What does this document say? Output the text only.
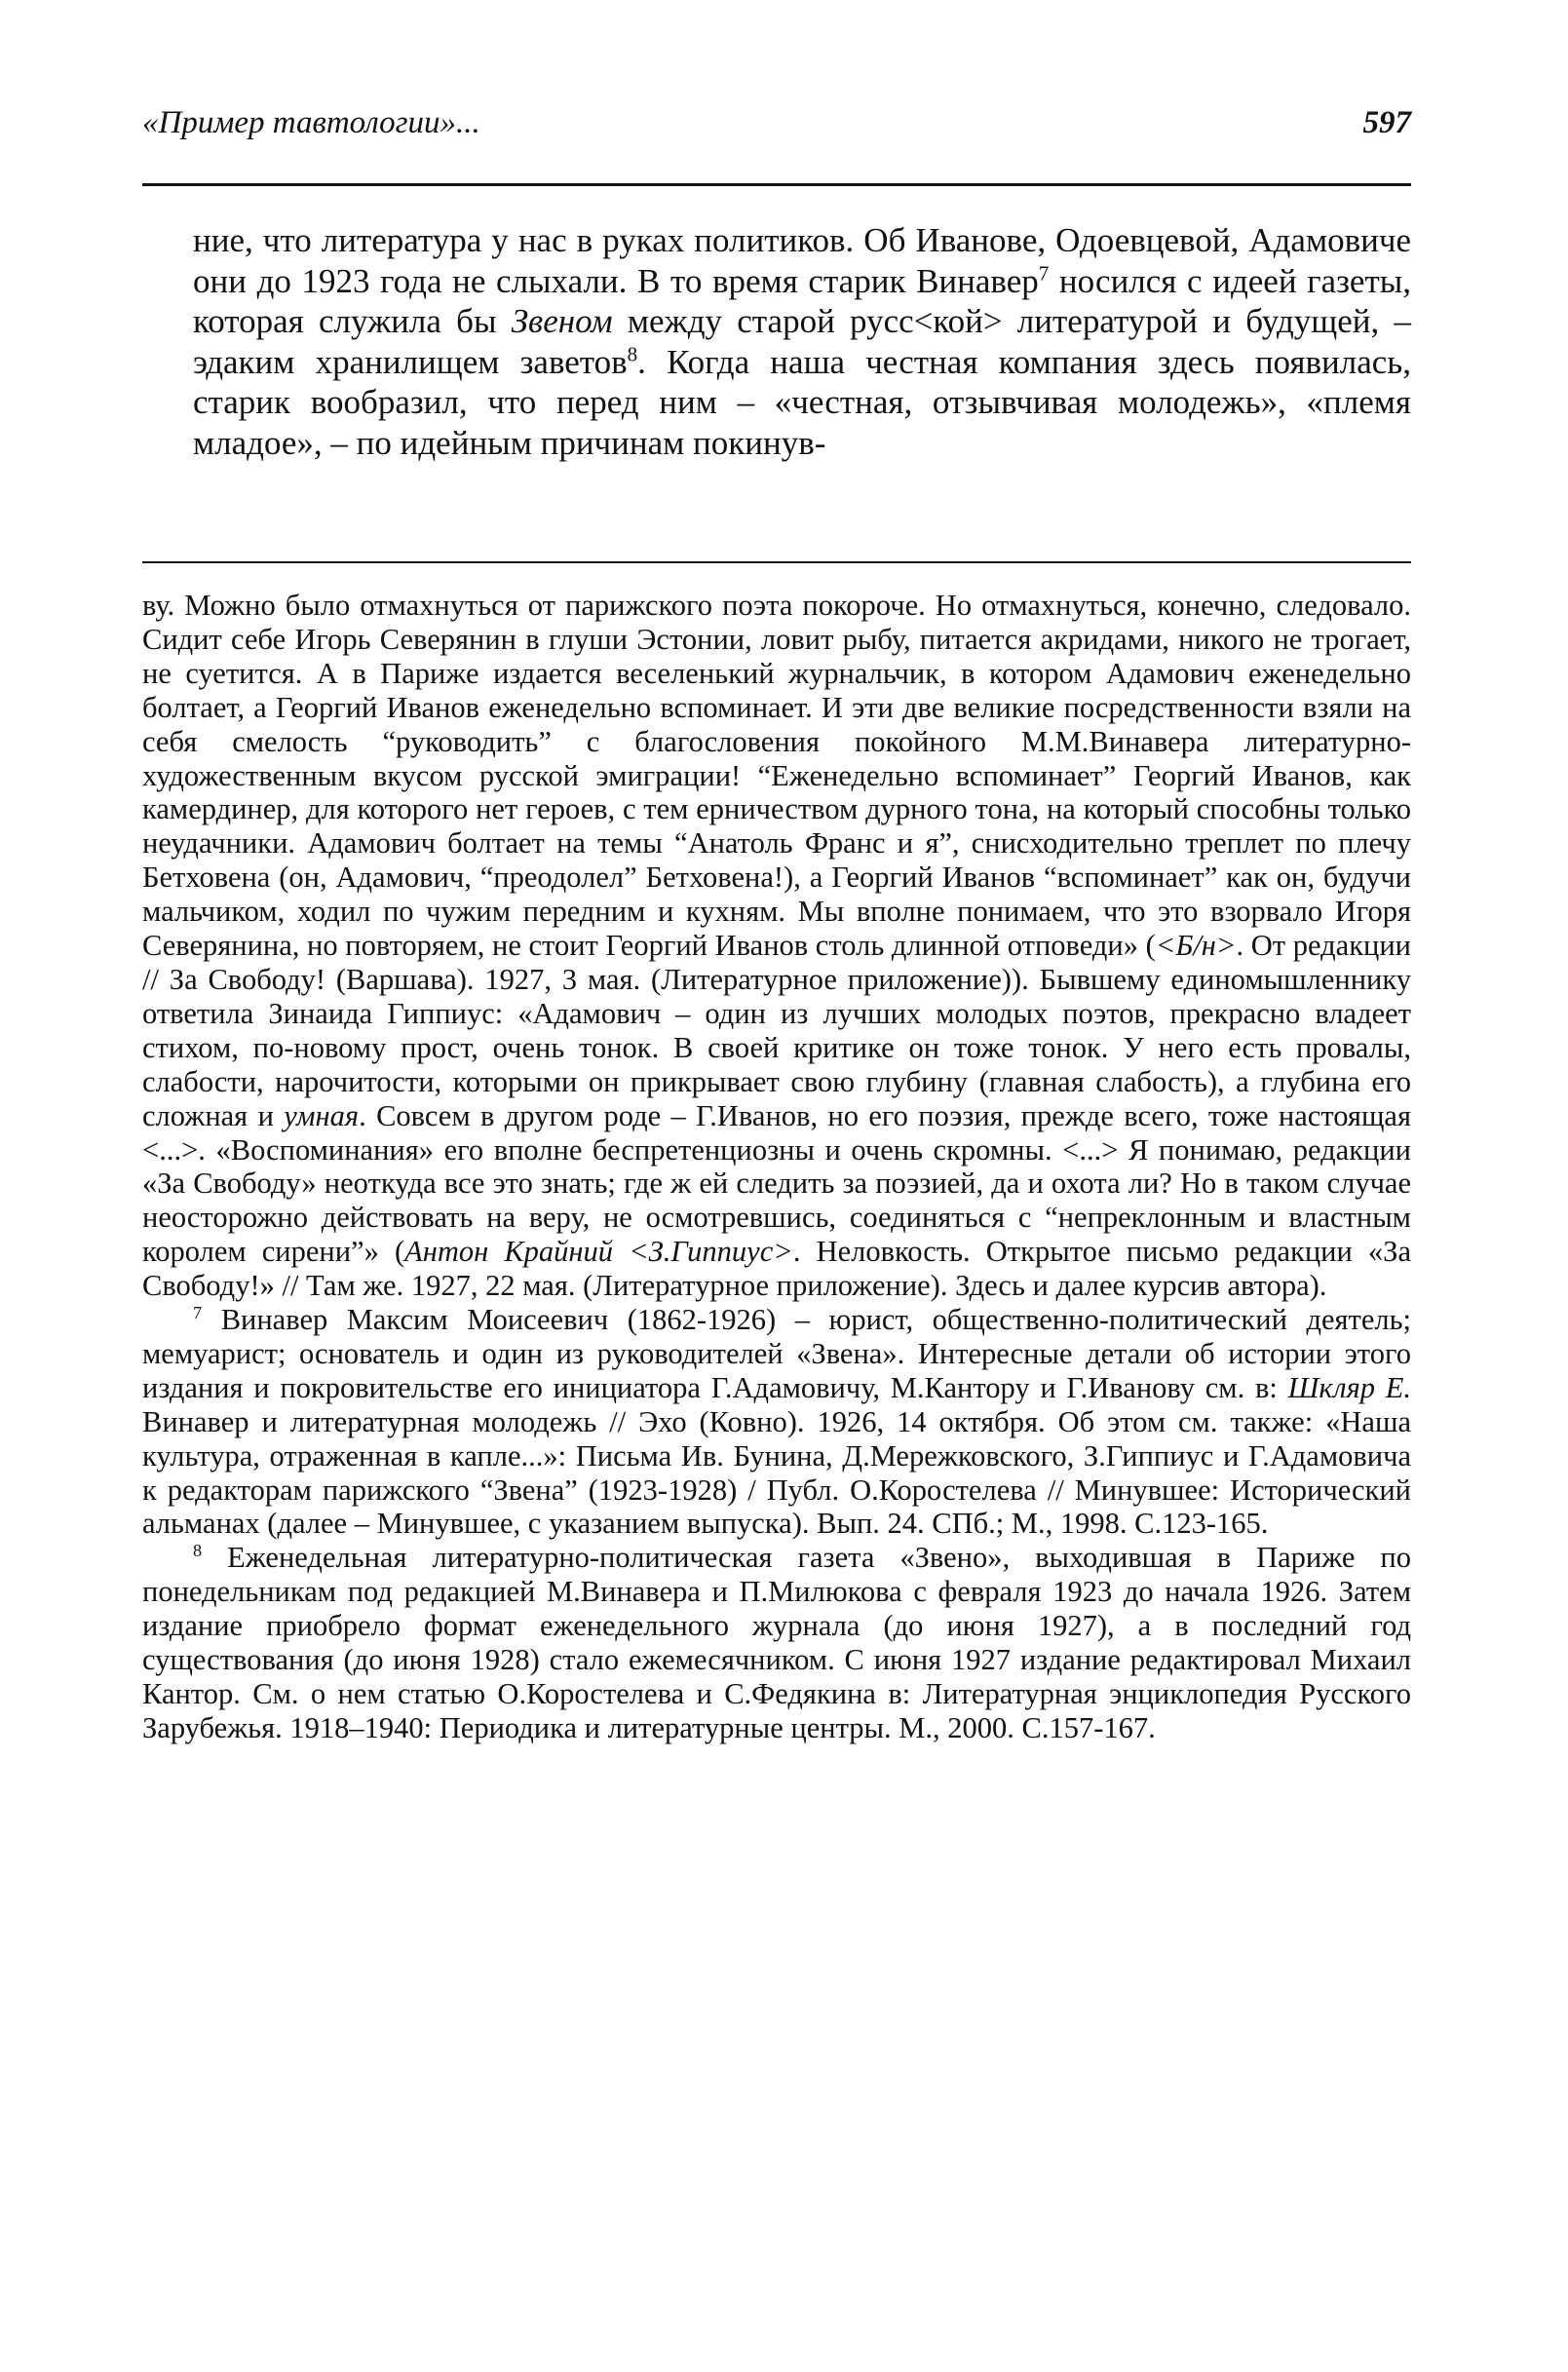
«Пример тавтологии»...	597

ние, что литература у нас в руках политиков. Об Иванове, Одоевцевой, Адамовиче они до 1923 года не слыхали. В то время старик Винавер$^7$ носился с идеей газеты, которая служила бы Звеном между старой русс<кой> литературой и будущей, – эдаким хранилищем заветов$^8$. Когда наша честная компания здесь появилась, старик вообразил, что перед ним – «честная, отзывчивая молодежь», «племя младое», – по идейным причинам покинув-

ву. Можно было отмахнуться от парижского поэта покороче. Но отмахнуться, конечно, следовало. Сидит себе Игорь Северянин в глуши Эстонии, ловит рыбу, питается акридами, никого не трогает, не суетится. А в Париже издается веселенький журнальчик, в котором Адамович еженедельно болтает, а Георгий Иванов еженедельно вспоминает. И эти две великие посредственности взяли на себя смелость “руководить” с благословения покойного М.М.Винавера литературно-художественным вкусом русской эмиграции! “Еженедельно вспоминает” Георгий Иванов, как камердинер, для которого нет героев, с тем ерничеством дурного тона, на который способны только неудачники. Адамович болтает на темы “Анатоль Франс и я”, снисходительно треплет по плечу Бетховена (он, Адамович, “преодолел” Бетховена!), а Георгий Иванов “вспоминает” как он, будучи мальчиком, ходил по чужим передним и кухням. Мы вполне понимаем, что это взорвало Игоря Северянина, но повторяем, не стоит Георгий Иванов столь длинной отповеди» (<Б/н>. От редакции // За Свободу! (Варшава). 1927, 3 мая. (Литературное приложение)). Бывшему единомышленнику ответила Зинаида Гиппиус: «Адамович – один из лучших молодых поэтов, прекрасно владеет стихом, по-новому прост, очень тонок. В своей критике он тоже тонок. У него есть провалы, слабости, нарочитости, которыми он прикрывает свою глубину (главная слабость), а глубина его сложная и умная. Совсем в другом роде – Г.Иванов, но его поэзия, прежде всего, тоже настоящая <...>. «Воспоминания» его вполне беспретенциозны и очень скромны. <...> Я понимаю, редакции «За Свободу» неоткуда все это знать; где ж ей следить за поэзией, да и охота ли? Но в таком случае неосторожно действовать на веру, не осмотревшись, соединяться с “непреклонным и властным королем сирени”» (Антон Крайний <З.Гиппиус>. Неловкость. Открытое письмо редакции «За Свободу!» // Там же. 1927, 22 мая. (Литературное приложение). Здесь и далее курсив автора).

$^7$ Винавер Максим Моисеевич (1862-1926) – юрист, общественно-политический деятель; мемуарист; основатель и один из руководителей «Звена». Интересные детали об истории этого издания и покровительстве его инициатора Г.Адамовичу, М.Кантору и Г.Иванову см. в: Шкляр Е. Винавер и литературная молодежь // Эхо (Ковно). 1926, 14 октября. Об этом см. также: «Наша культура, отраженная в капле...»: Письма Ив. Бунина, Д.Мережковского, З.Гиппиус и Г.Адамовича к редакторам парижского “Звена” (1923-1928) / Публ. О.Коростелева // Минувшее: Исторический альманах (далее – Минувшее, с указанием выпуска). Вып. 24. СПб.; М., 1998. С.123-165.

$^8$ Еженедельная литературно-политическая газета «Звено», выходившая в Париже по понедельникам под редакцией М.Винавера и П.Милюкова с февраля 1923 до начала 1926. Затем издание приобрело формат еженедельного журнала (до июня 1927), а в последний год существования (до июня 1928) стало ежемесячником. С июня 1927 издание редактировал Михаил Кантор. См. о нем статью О.Коростелева и С.Федякина в: Литературная энциклопедия Русского Зарубежья. 1918–1940: Периодика и литературные центры. М., 2000. С.157-167.
